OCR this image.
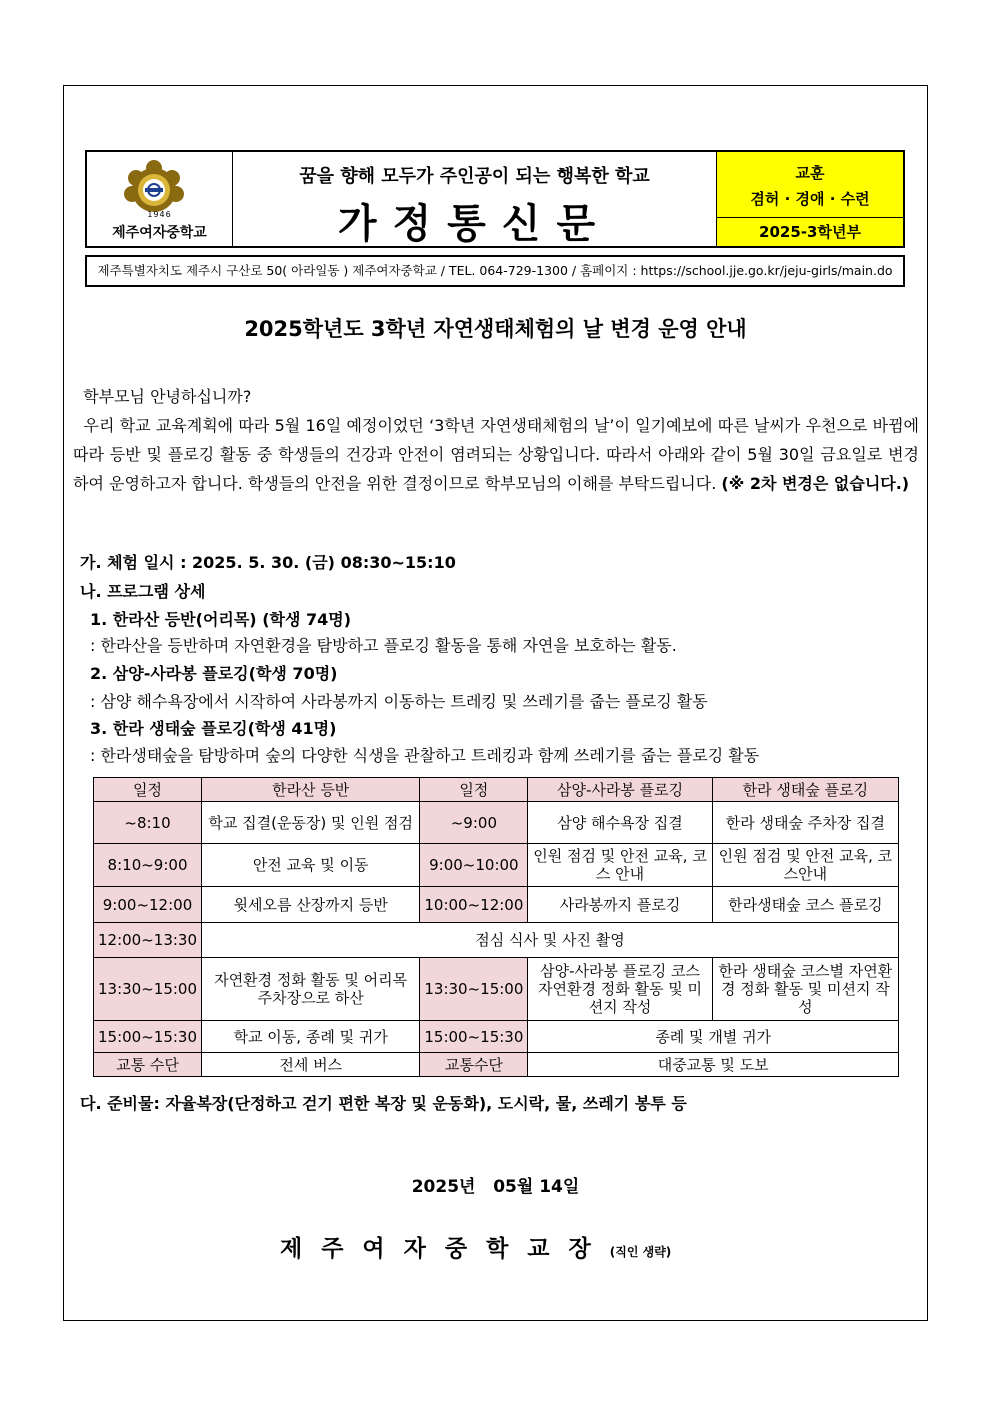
1946
제주여자중학교
꿈을 향해 모두가 주인공이 되는 행복한 학교
가정통신문
교훈
겸허 · 경애 · 수련
2025-3학년부
제주특별자치도 제주시 구산로 50( 아라일동 ) 제주여자중학교 / TEL. 064-729-1300 / 홈페이지 : https://school.jje.go.kr/jeju-girls/main.do
2025학년도 3학년 자연생태체험의 날 변경 운영 안내

학부모님 안녕하십니까?

우리 학교 교육계획에 따라 5월 16일 예정이었던 ‘3학년 자연생태체험의 날’이 일기예보에 따른 날씨가 우천으로 바뀜에 따라 등반 및 플로깅 활동 중 학생들의 건강과 안전이 염려되는 상황입니다. 따라서 아래와 같이 5월 30일 금요일로 변경하여 운영하고자 합니다. 학생들의 안전을 위한 결정이므로 학부모님의 이해를 부탁드립니다. (※ 2차 변경은 없습니다.)

가. 체험 일시 : 2025. 5. 30. (금) 08:30~15:10
나. 프로그램 상세
1. 한라산 등반(어리목) (학생 74명)
: 한라산을 등반하며 자연환경을 탐방하고 플로깅 활동을 통해 자연을 보호하는 활동.
2. 삼양-사라봉 플로깅(학생 70명)
: 삼양 해수욕장에서 시작하여 사라봉까지 이동하는 트레킹 및 쓰레기를 줍는 플로깅 활동
3. 한라 생태숲 플로깅(학생 41명)
: 한라생태숲을 탐방하며 숲의 다양한 식생을 관찰하고 트레킹과 함께 쓰레기를 줍는 플로깅 활동
일정	한라산 등반	일정	삼양-사라봉 플로깅	한라 생태숲 플로깅
~8:10	학교 집결(운동장) 및 인원 점검	~9:00	삼양 해수욕장 집결	한라 생태숲 주차장 집결
8:10~9:00	안전 교육 및 이동	9:00~10:00	인원 점검 및 안전 교육, 코스 안내	인원 점검 및 안전 교육, 코스안내
9:00~12:00	윗세오름 산장까지 등반	10:00~12:00	사라봉까지 플로깅	한라생태숲 코스 플로깅
12:00~13:30	점심 식사 및 사진 촬영			
13:30~15:00	자연환경 정화 활동 및 어리목 주차장으로 하산	13:30~15:00	삼양-사라봉 플로깅 코스 자연환경 정화 활동 및 미션지 작성	한라 생태숲 코스별 자연환경 정화 활동 및 미션지 작성
15:00~15:30	학교 이동, 종례 및 귀가	15:00~15:30	종례 및 개별 귀가	
교통 수단	전세 버스	교통수단	대중교통 및 도보	
다. 준비물: 자율복장(단정하고 걷기 편한 복장 및 운동화), 도시락, 물, 쓰레기 봉투 등
2025년   05월 14일
제주여자중학교장(직인 생략)
